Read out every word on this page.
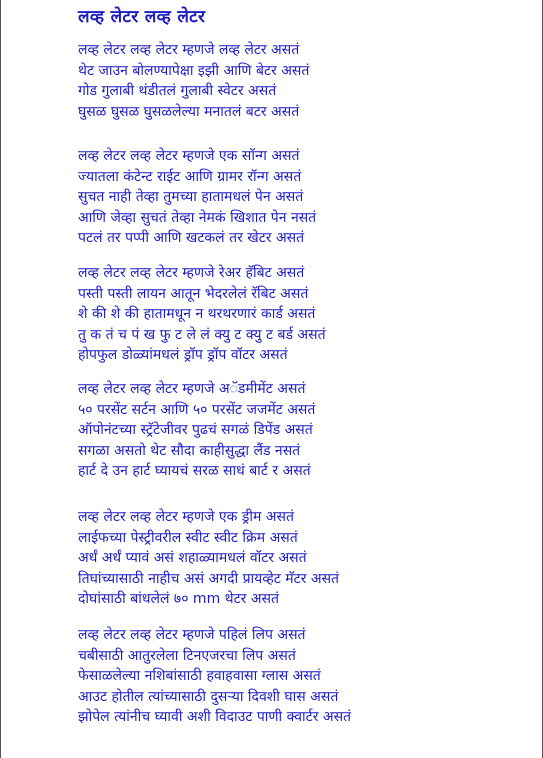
लव्ह लेटर लव्ह लेटर
लव्ह लेटर लव्ह लेटर म्हणजे लव्ह लेटर असतं
थेट जाउन बोलण्यापेक्षा इझी आणि बेटर असतं
गोड गुलाबी थंडीतलं गुलाबी स्वेटर असतं
घुसळ घुसळ घुसळलेल्या मनातलं बटर असतं
लव्ह लेटर लव्ह लेटर म्हणजे एक सॉन्ग असतं
ज्यातला कंटेन्ट राईट आणि ग्रामर रॉन्ग असतं
सुचत नाही तेव्हा तुमच्या हातामधलं पेन असतं
आणि जेव्हा सुचतं तेव्हा नेमकं खिशात पेन नसतं
पटलं तर पप्पी आणि खटकलं तर खेटर असतं
लव्ह लेटर लव्ह लेटर म्हणजे रेअर हॅबिट असतं
पस्ती पस्ती लायन आतून भेदरलेलं रॅबिट असतं
शे की शे की हातामधून न थरथरणारं कार्ड असतं
तु क तं च पं ख फु ट ले लं क्यु ट क्यु ट बर्ड असतं
होपफुल डोळ्यांमधलं ड्रॉप ड्रॉप वॉटर असतं
लव्ह लेटर लव्ह लेटर म्हणजे अॅडमीमेंट असतं
५० परसेंट सर्टन आणि ५० परसेंट जजमेंट असतं
ऑपोनंटच्या स्ट्रॅटेजीवर पुढचं सगळं डिपेंड असतं
सगळा असतो थेट सौदा काहीसुद्धा लैंड नसतं
हार्ट दे उन हार्ट घ्यायचं सरळ साधं बार्ट र असतं
लव्ह लेटर लव्ह लेटर म्हणजे एक ड्रीम असतं
लाईफच्या पेस्ट्रीवरील स्वीट स्वीट क्रिम असतं
अर्धं अर्धं प्यावं असं शहाळ्यामधलं वॉटर असतं
तिघांच्यासाठी नाहीच असं अगदी प्रायव्हेट मॅटर असतं
दोघांसाठी बांधलेलं ७० mm थेटर असतं
लव्ह लेटर लव्ह लेटर म्हणजे पहिलं लिप असतं
चबीसाठी आतुरलेला टिनएजरचा लिप असतं
फेसाळलेल्या नशिबांसाठी हवाहवासा ग्लास असतं
आउट होतील त्यांच्यासाठी दुसऱ्या दिवशी घास असतं
झोपेल त्यांनीच घ्यावी अशी विदाउट पाणी क्वार्टर असतं
